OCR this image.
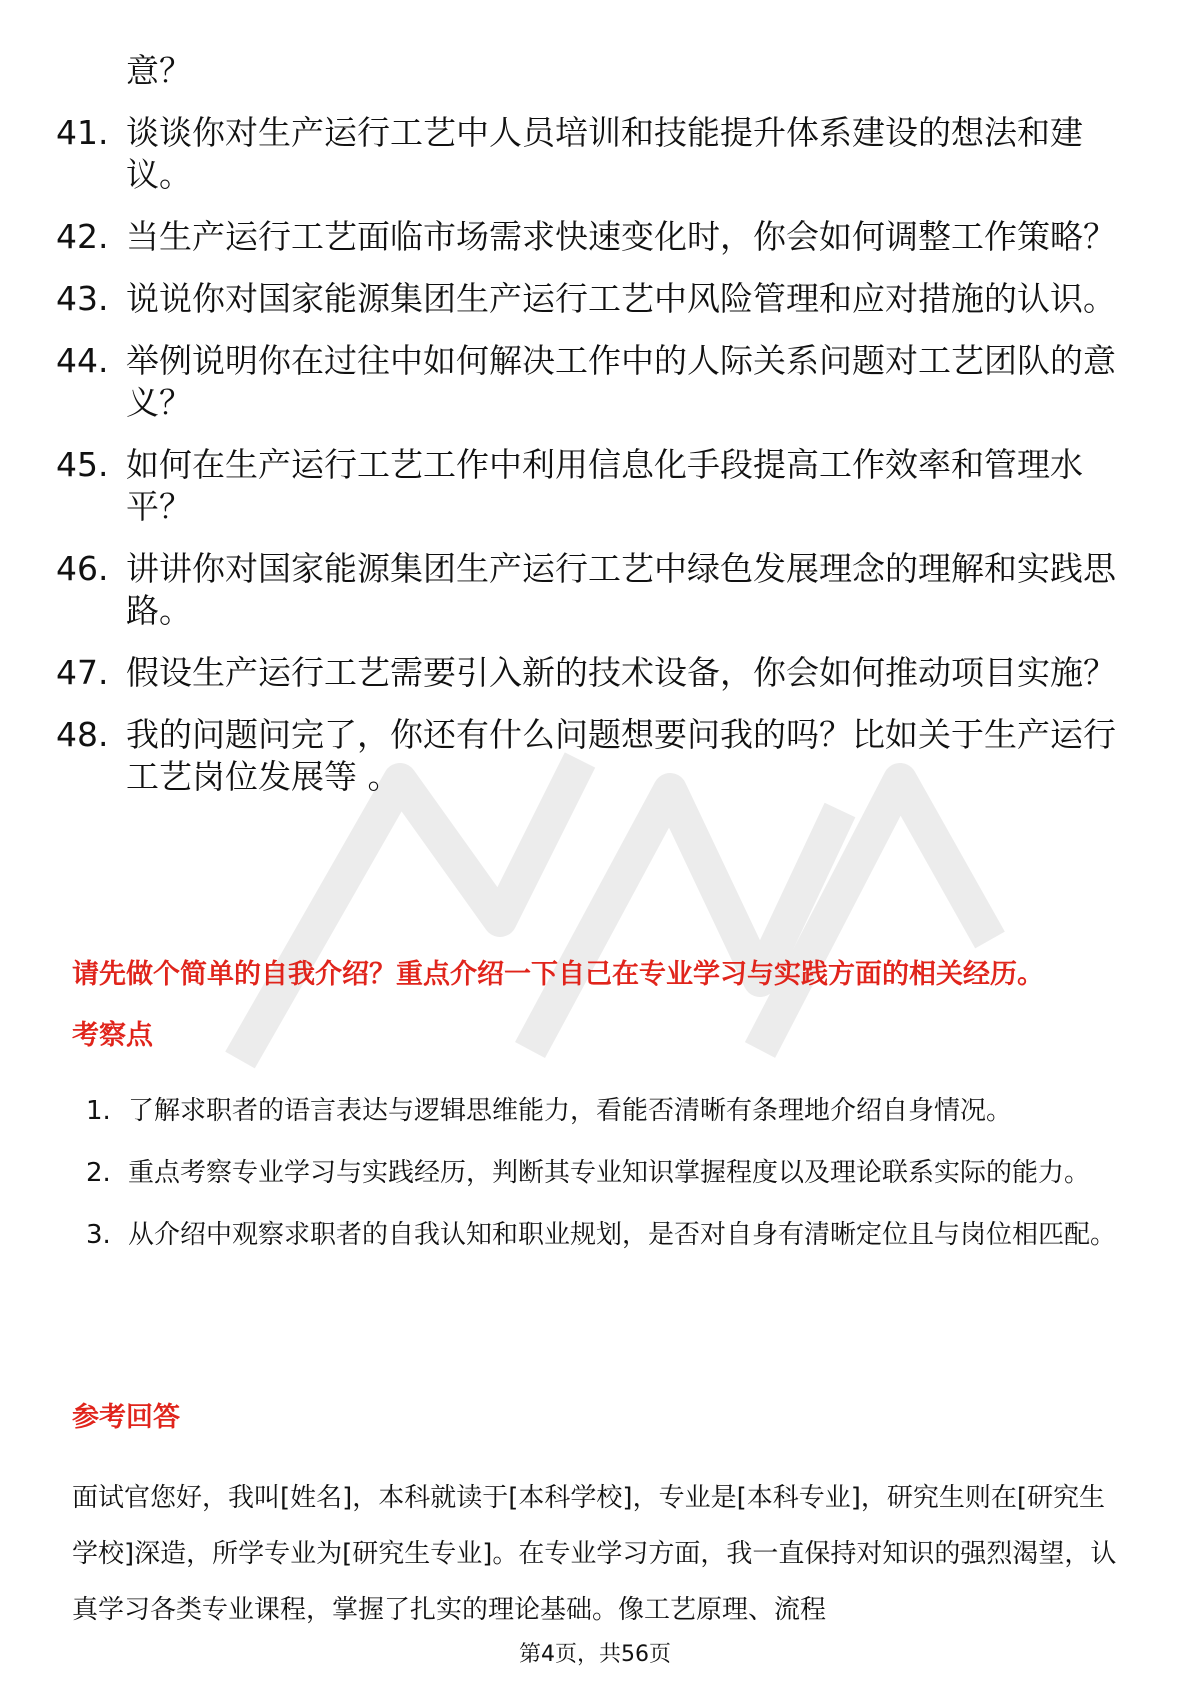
意？
41. 谈谈你对生产运行工艺中人员培训和技能提升体系建设的想法和建议。
42. 当生产运行工艺面临市场需求快速变化时，你会如何调整工作策略？
43. 说说你对国家能源集团生产运行工艺中风险管理和应对措施的认识。
44. 举例说明你在过往中如何解决工作中的人际关系问题对工艺团队的意义？
45. 如何在生产运行工艺工作中利用信息化手段提高工作效率和管理水平？
46. 讲讲你对国家能源集团生产运行工艺中绿色发展理念的理解和实践思路。
47. 假设生产运行工艺需要引入新的技术设备，你会如何推动项目实施？
48. 我的问题问完了，你还有什么问题想要问我的吗？比如关于生产运行工艺岗位发展等 。
请先做个简单的自我介绍？重点介绍一下自己在专业学习与实践方面的相关经历。
考察点
1. 了解求职者的语言表达与逻辑思维能力，看能否清晰有条理地介绍自身情况。
2. 重点考察专业学习与实践经历，判断其专业知识掌握程度以及理论联系实际的能力。
3. 从介绍中观察求职者的自我认知和职业规划，是否对自身有清晰定位且与岗位相匹配。
参考回答

面试官您好，我叫[姓名]，本科就读于[本科学校]，专业是[本科专业]，研究生则在[研究生学校]深造，所学专业为[研究生专业]。在专业学习方面，我一直保持对知识的强烈渴望，认真学习各类专业课程，掌握了扎实的理论基础。像工艺原理、流程

第4页，共56页
